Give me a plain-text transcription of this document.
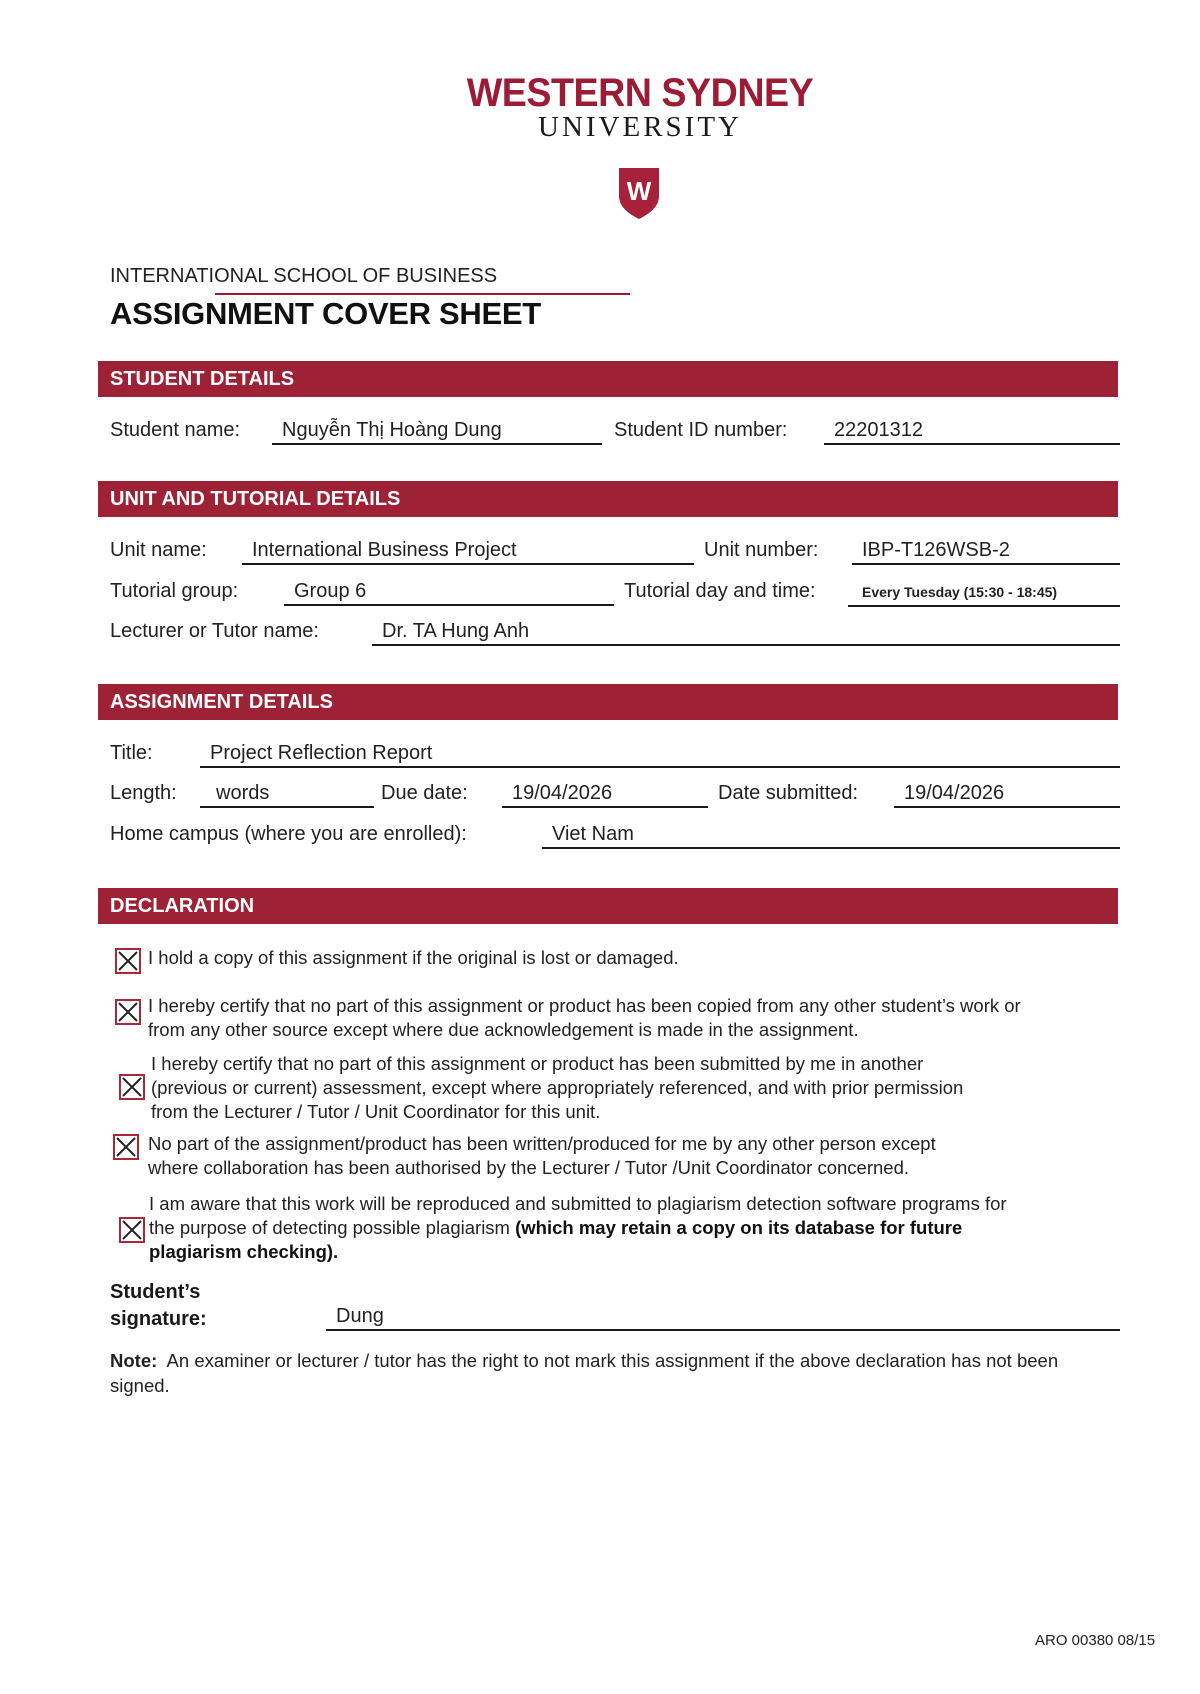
WESTERN SYDNEY
UNIVERSITY
W
INTERNATIONAL SCHOOL OF BUSINESS
ASSIGNMENT COVER SHEET
STUDENT DETAILS
Student name:	Nguyễn Thị Hoàng Dung	Student ID number:	22201312
UNIT AND TUTORIAL DETAILS
Unit name:	International Business Project	Unit number:	IBP-T126WSB-2
Tutorial group:	Group 6	Tutorial day and time:	Every Tuesday (15:30 - 18:45)
Lecturer or Tutor name:	Dr. TA Hung Anh
ASSIGNMENT DETAILS
Title:	Project Reflection Report
Length:	words	Due date:	19/04/2026	Date submitted:	19/04/2026
Home campus (where you are enrolled):	Viet Nam
DECLARATION
I hold a copy of this assignment if the original is lost or damaged.
I hereby certify that no part of this assignment or product has been copied from any other student’s work or
from any other source except where due acknowledgement is made in the assignment.
I hereby certify that no part of this assignment or product has been submitted by me in another
(previous or current) assessment, except where appropriately referenced, and with prior permission
from the Lecturer / Tutor / Unit Coordinator for this unit.
No part of the assignment/product has been written/produced for me by any other person except
where collaboration has been authorised by the Lecturer / Tutor /Unit Coordinator concerned.
I am aware that this work will be reproduced and submitted to plagiarism detection software programs for
the purpose of detecting possible plagiarism (which may retain a copy on its database for future
plagiarism checking).
Student’s
signature:	Dung
Note: An examiner or lecturer / tutor has the right to not mark this assignment if the above declaration has not been signed.
ARO 00380 08/15
